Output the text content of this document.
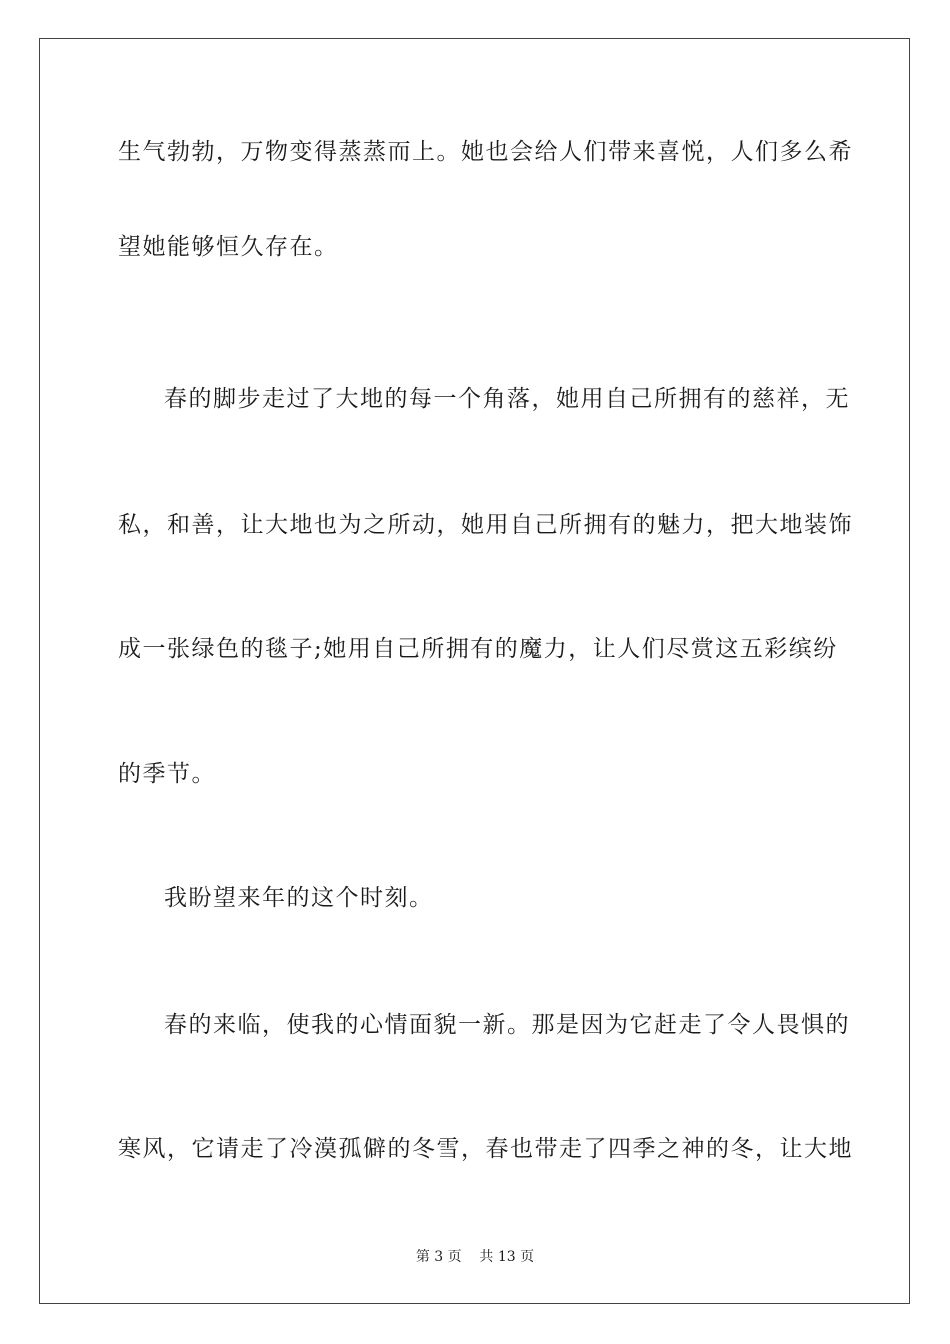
生气勃勃，万物变得蒸蒸而上。她也会给人们带来喜悦，人们多么希
望她能够恒久存在。
春的脚步走过了大地的每一个角落，她用自己所拥有的慈祥，无
私，和善，让大地也为之所动，她用自己所拥有的魅力，把大地装饰
成一张绿色的毯子;她用自己所拥有的魔力，让人们尽赏这五彩缤纷
的季节。
我盼望来年的这个时刻。
春的来临，使我的心情面貌一新。那是因为它赶走了令人畏惧的
寒风，它请走了冷漠孤僻的冬雪，春也带走了四季之神的冬，让大地
第 3 页    共 13 页
